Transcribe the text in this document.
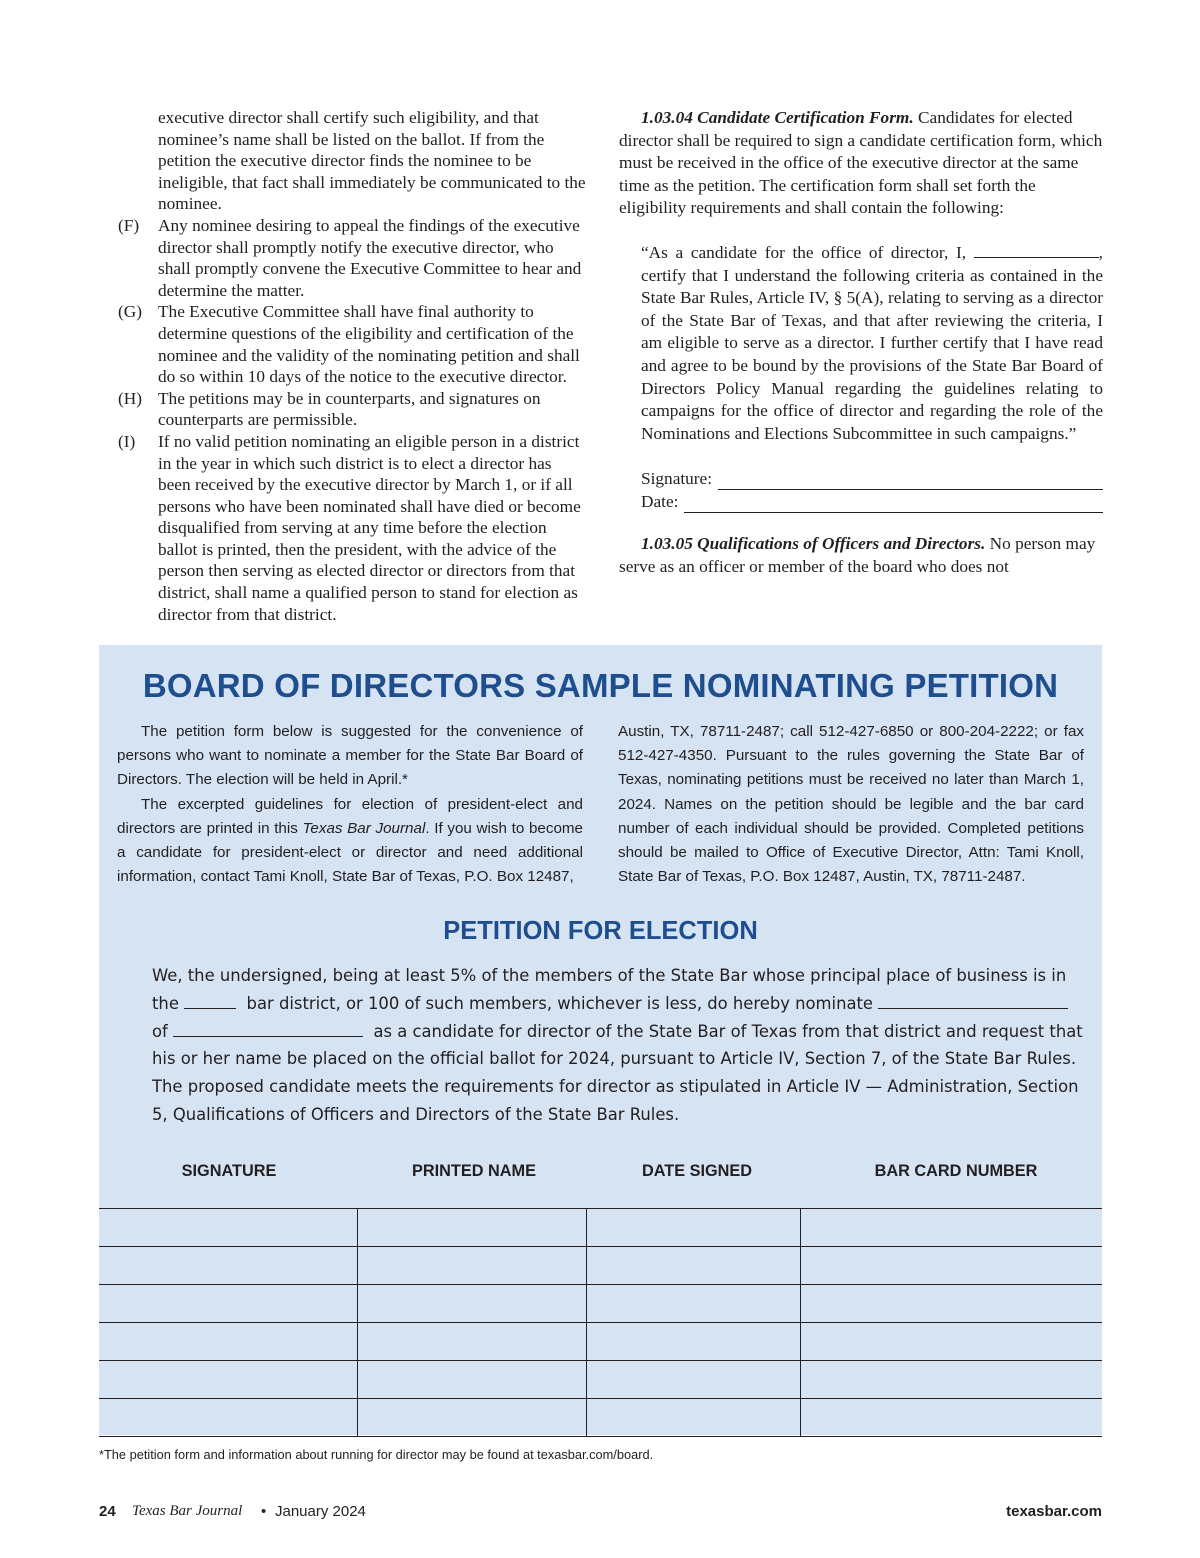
executive director shall certify such eligibility, and that nominee’s name shall be listed on the ballot. If from the petition the executive director finds the nominee to be ineligible, that fact shall immediately be communicated to the nominee.
(F)	Any nominee desiring to appeal the findings of the executive director shall promptly notify the executive director, who shall promptly convene the Executive Committee to hear and determine the matter.
(G) The Executive Committee shall have final authority to determine questions of the eligibility and certification of the nominee and the validity of the nominating petition and shall do so within 10 days of the notice to the executive director.
(H) The petitions may be in counterparts, and signatures on counterparts are permissible.
(I)	If no valid petition nominating an eligible person in a district in the year in which such district is to elect a director has been received by the executive director by March 1, or if all persons who have been nominated shall have died or become disqualified from serving at any time before the election ballot is printed, then the president, with the advice of the person then serving as elected director or directors from that district, shall name a qualified person to stand for election as director from that district.

1.03.04 Candidate Certification Form. Candidates for elected director shall be required to sign a candidate certification form, which must be received in the office of the executive director at the same time as the petition. The certification form shall set forth the eligibility requirements and shall contain the following:

“As a candidate for the office of director, I,	, certify that I understand the following criteria as contained in the State Bar Rules, Article IV, § 5(A), relating to serving as a director of the State Bar of Texas, and that after reviewing the criteria, I am eligible to serve as a director. I further certify that I have read and agree to be bound by the provisions of the State Bar Board of Directors Policy Manual regarding the guidelines relating to campaigns for the office of director and regarding the role of the Nominations and Elections Subcommittee in such campaigns.”

Signature:
Date:

1.03.05 Qualifications of Officers and Directors. No person may serve as an officer or member of the board who does not

BOARD OF DIRECTORS SAMPLE NOMINATING PETITION

The petition form below is suggested for the convenience of persons who want to nominate a member for the State Bar Board of Directors. The election will be held in April.*

The excerpted guidelines for election of president-elect and directors are printed in this Texas Bar Journal. If you wish to become a candidate for president-elect or director and need additional information, contact Tami Knoll, State Bar of Texas, P.O. Box 12487,

Austin, TX, 78711-2487; call 512-427-6850 or 800-204-2222; or fax 512-427-4350. Pursuant to the rules governing the State Bar of Texas, nominating petitions must be received no later than March 1, 2024. Names on the petition should be legible and the bar card number of each individual should be provided. Completed petitions should be mailed to Office of Executive Director, Attn: Tami Knoll, State Bar of Texas, P.O. Box 12487, Austin, TX, 78711-2487.

PETITION FOR ELECTION

We, the undersigned, being at least 5% of the members of the State Bar whose principal place of business is in the	bar district, or 100 of such members, whichever is less, do hereby nominate  of	as a candidate for director of the State Bar of Texas from that district and request that his or her name be placed on the official ballot for 2024, pursuant to Article IV, Section 7, of the State Bar Rules.

The proposed candidate meets the requirements for director as stipulated in Article IV — Administration, Section 5, Qualifications of Officers and Directors of the State Bar Rules.

SIGNATURE	PRINTED NAME	DATE SIGNED	BAR CARD NUMBER

*The petition form and information about running for director may be found at texasbar.com/board.
24 Texas Bar Journal • January 2024	texasbar.com
